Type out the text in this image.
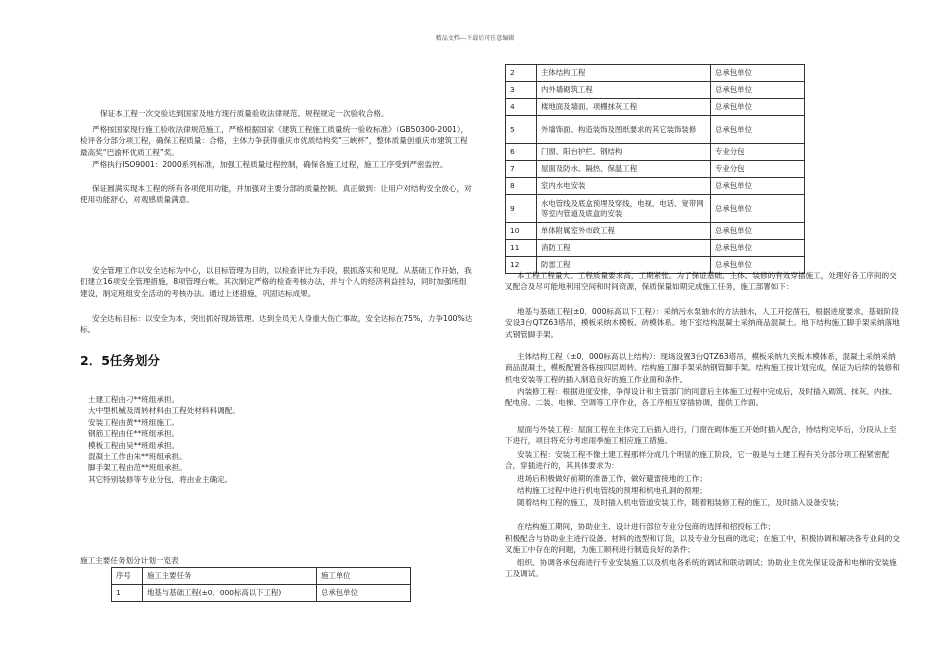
精品文档---下载后可任意编辑

保证本工程一次交验达到国家及地方现行质量验收法律规范、规程规定一次验收合格。

严格按国家现行施工验收法律规范施工，严格根据国家《建筑工程施工质量统一验收标准》（GB50300-2001），检评各分部分项工程，确保工程质量：合格，主体力争获得重庆市优质结构奖“三峡杯”，整体质量创重庆市建筑工程最高奖“巴渝杯优质工程”奖。

严格执行ISO9001：2000系列标准，加强工程质量过程控制，确保各施工过程，施工工序受到严密监控。

保证圆满实现本工程的所有各项使用功能，并加强对主要分部的质量控制。真正做到：让用户对结构安全放心，对使用功能舒心，对观感质量满意。

安全管理工作以安全达标为中心，以目标管理为目的，以检查评比为手段，狠抓落实和见现。从基础工作开始，我们建立16项安全管理措施，8项管理台帐。其次制定严格的检查考核办法，并与个人的经济利益挂勾，同时加强班组建设，制定班组安全活动的考核办法。通过上述措施，巩固达标成果。

安全达标目标：以安全为本，突出抓好现场管理。达到全员无人身重大伤亡事故，安全达标在75%，力争100%达标。

2．5任务划分

土建工程由刁**班组承担。

大中型机械及周转材料由工程处材料科调配。

安装工程由黄**班组施工。

钢筋工程由任**班组承担。

模板工程由吴**班组承担。

混凝土工作由朱**班组承担。

脚手架工程由范**班组承担。

其它特别装修等专业分包，将由业主确定。

施工主要任务划分计划一览表

序号	施工主要任务	施工单位
1	地基与基础工程(±0．000标高以下工程)	总承包单位
2	主体结构工程	总承包单位
3	内外墙砌筑工程	总承包单位
4	楼地面及墙面、项棚抹灰工程	总承包单位
5	外墙饰面、构造装饰及图纸要求的其它装饰装修	总承包单位
6	门窗、阳台护栏、钢结构	专业分包
7	屋面及防水、隔热、保温工程	专业分包
8	室内水电安装	总承包单位
9	水电管线及底盒预埋及穿线，电视、电话、宽带网等室内管道及底盒的安装	总承包单位
10	单体附属室外市政工程	总承包单位
11	消防工程	总承包单位
12	防雷工程	总承包单位

本工程工程量大、工程质量要求高，工期紧张。为了保证基础、主体、装修的有效穿插施工，处理好各工序间的交叉配合及尽可能地利用空间和时间资源，保质保量如期完成施工任务，施工部署如下：

地基与基础工程(±0．000标高以下工程）：采纳污水泵抽水的方法抽水，人工开挖凿石，根据进度要求，基础阶段安设3台QTZ63塔吊，模板采纳木模板、砖模体系。地下室结构混凝土采纳商品混凝土。地下结构施工脚手架采纳落地式钢管脚手架。

主体结构工程（±0．000标高以上结构）：现场设置3台QTZ63塔吊，模板采纳九夹板木模体系，混凝土采纳采纳商品混凝土，模板配置各栋按四层周转。结构施工脚手架采纳钢管脚手架。结构施工按计划完成，保证为后续的装修和机电安装等工程的插入制造良好的施工作业面和条件。

内装修工程：根据进度安排，争得设计和主管部门的同意后主体施工过程中完成后，及时插入砌筑、抹灰、内抹、配电房、二装、电梯、空调等工序作业，各工序相互穿插协调，提供工作面。

屋面与外装工程：屋面工程在主体完工后插入进行，门窗在砌体施工开始时插入配合，待结构完毕后，分段从上至下进行，项目将充分考虑雨季施工相应施工措施。

安装工程：安装工程不像土建工程那样分成几个明显的施工阶段，它一般是与土建工程有关分部分项工程紧密配合，穿插进行的，其具体要求为：

进场后积极做好前期的准备工作，做好避雷接地的工作；

结构施工过程中进行机电管线的预埋和机电孔洞的预埋；

随着结构工程的施工，及时插入机电管道安装工作，随着粗装修工程的施工，及时插入设备安装；

在结构施工期间，协助业主、设计进行部位专业分包商的选择和招投标工作；

积极配合与协助业主进行设备、材料的选型和订货，以及专业分包商的选定；在施工中，积极协调和解决各专业间的交叉施工中存在的问题，为施工顺利进行制造良好的条件；

组织、协调各承包商进行专业安装施工以及机电各系统的调试和联动调试；协助业主优先保证设备和电梯的安装施工及调试。
